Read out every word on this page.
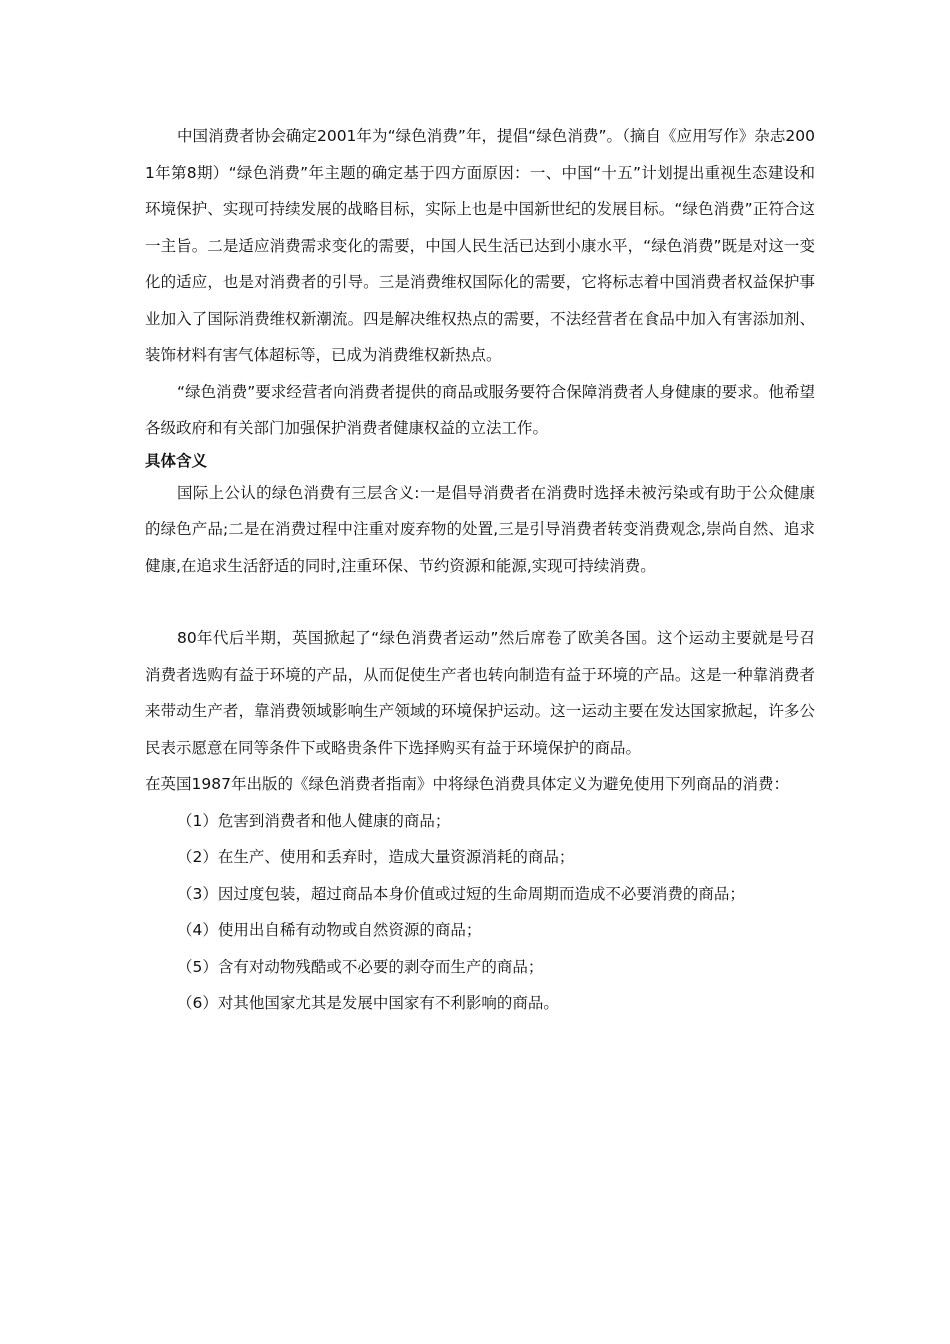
中国消费者协会确定2001年为“绿色消费”年，提倡“绿色消费”。（摘自《应用写作》杂志2001年第8期）“绿色消费”年主题的确定基于四方面原因：一、中国“十五”计划提出重视生态建设和环境保护、实现可持续发展的战略目标，实际上也是中国新世纪的发展目标。“绿色消费”正符合这一主旨。二是适应消费需求变化的需要，中国人民生活已达到小康水平，“绿色消费”既是对这一变化的适应，也是对消费者的引导。三是消费维权国际化的需要，它将标志着中国消费者权益保护事业加入了国际消费维权新潮流。四是解决维权热点的需要，不法经营者在食品中加入有害添加剂、装饰材料有害气体超标等，已成为消费维权新热点。

“绿色消费”要求经营者向消费者提供的商品或服务要符合保障消费者人身健康的要求。他希望各级政府和有关部门加强保护消费者健康权益的立法工作。

具体含义

国际上公认的绿色消费有三层含义:一是倡导消费者在消费时选择未被污染或有助于公众健康的绿色产品;二是在消费过程中注重对废弃物的处置,三是引导消费者转变消费观念,崇尚自然、追求健康,在追求生活舒适的同时,注重环保、节约资源和能源,实现可持续消费。

80年代后半期，英国掀起了“绿色消费者运动”然后席卷了欧美各国。这个运动主要就是号召消费者选购有益于环境的产品，从而促使生产者也转向制造有益于环境的产品。这是一种靠消费者来带动生产者，靠消费领域影响生产领域的环境保护运动。这一运动主要在发达国家掀起，许多公民表示愿意在同等条件下或略贵条件下选择购买有益于环境保护的商品。

在英国1987年出版的《绿色消费者指南》中将绿色消费具体定义为避免使用下列商品的消费：

（1）危害到消费者和他人健康的商品；
（2）在生产、使用和丢弃时，造成大量资源消耗的商品；
（3）因过度包装，超过商品本身价值或过短的生命周期而造成不必要消费的商品；
（4）使用出自稀有动物或自然资源的商品；
（5）含有对动物残酷或不必要的剥夺而生产的商品；
（6）对其他国家尤其是发展中国家有不利影响的商品。
